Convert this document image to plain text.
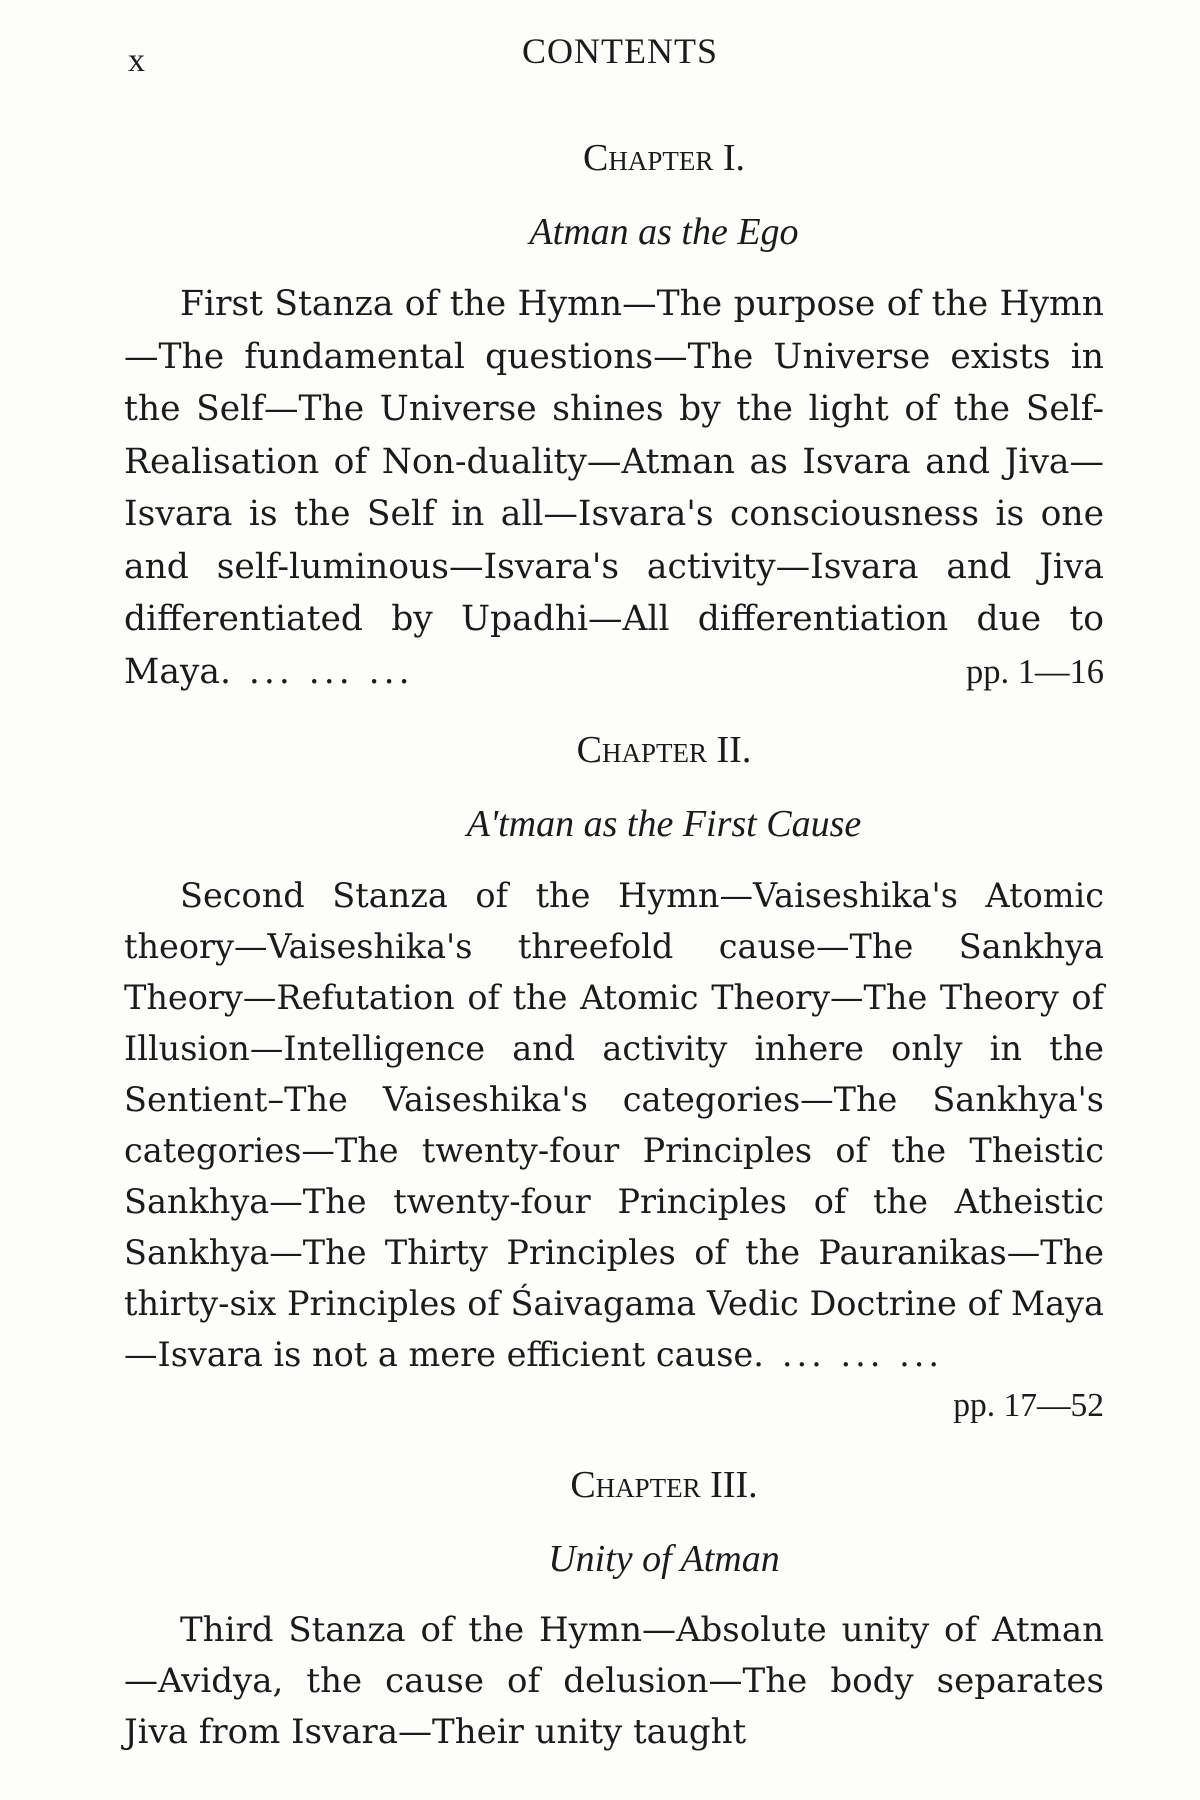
x	CONTENTS
Chapter I.
Atman as the Ego

First Stanza of the Hymn—The purpose of the Hymn—The fundamental questions—The Universe exists in the Self—The Universe shines by the light of the Self-Realisation of Non-duality—Atman as Isvara and Jiva—Isvara is the Self in all—Isvara's consciousness is one and self-luminous—Isvara's activity—Isvara and Jiva differentiated by Upadhi—All differentiation due to Maya. ... ... ...	pp. 1—16

Chapter II.
A'tman as the First Cause

Second Stanza of the Hymn—Vaiseshika's Atomic theory—Vaiseshika's threefold cause—The Sankhya Theory—Refutation of the Atomic Theory—The Theory of Illusion—Intelligence and activity inhere only in the Sentient–The Vaiseshika's categories—The Sankhya's categories—The twenty-four Principles of the Theistic Sankhya—The twenty-four Principles of the Atheistic Sankhya—The Thirty Principles of the Pauranikas—The thirty-six Principles of Śaivagama Vedic Doctrine of Maya—Isvara is not a mere efficient cause. ... ... ...
pp. 17—52

Chapter III.
Unity of Atman

Third Stanza of the Hymn—Absolute unity of Atman—Avidya, the cause of delusion—The body separates Jiva from Isvara—Their unity taught
